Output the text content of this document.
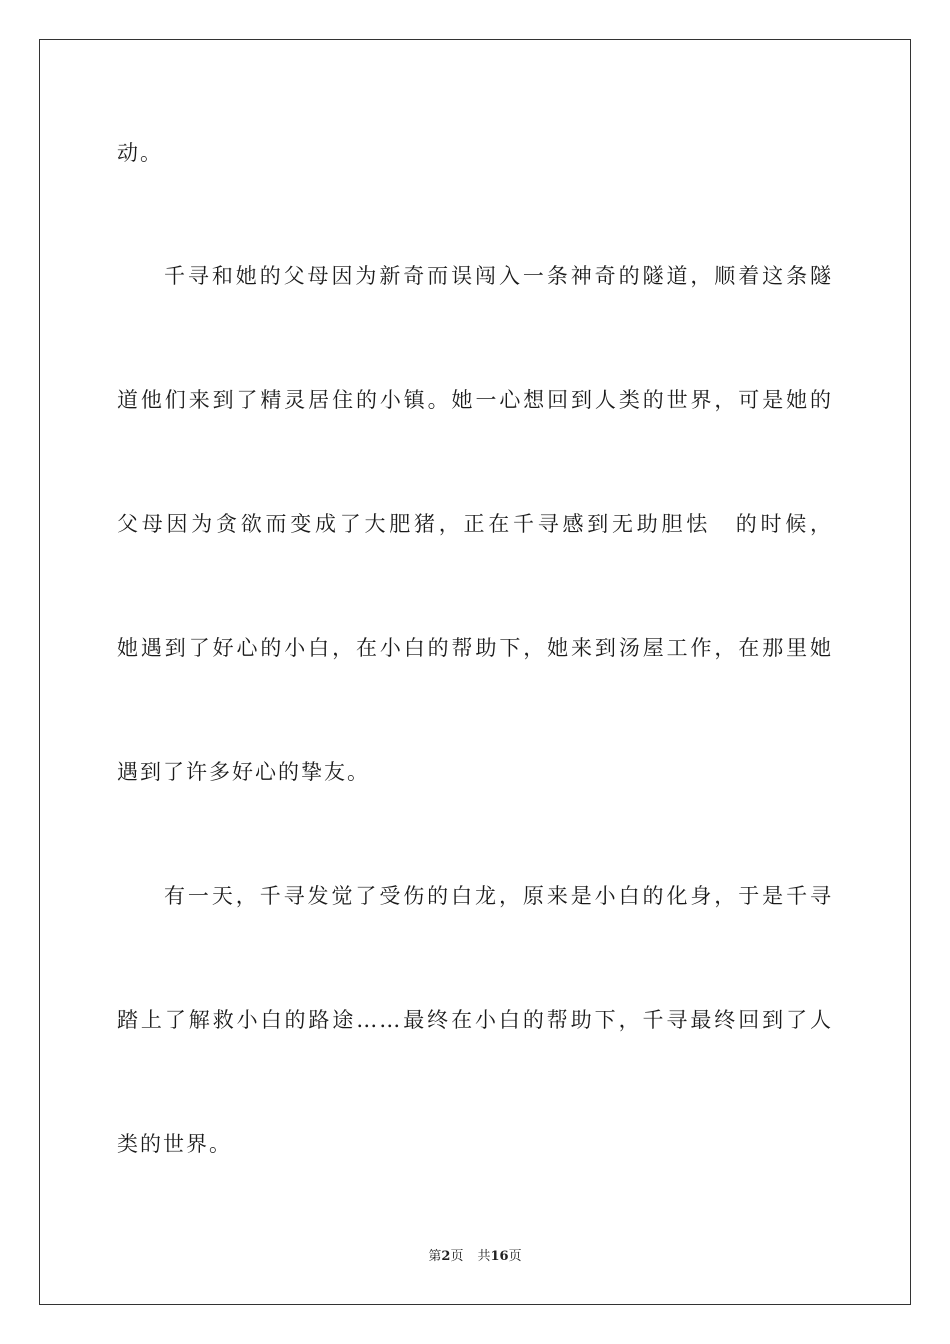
动。
千寻和她的父母因为新奇而误闯入一条神奇的隧道，顺着这条隧
道他们来到了精灵居住的小镇。她一心想回到人类的世界，可是她的
父母因为贪欲而变成了大肥猪，正在千寻感到无助胆怯　的时候，
她遇到了好心的小白，在小白的帮助下，她来到汤屋工作，在那里她
遇到了许多好心的挚友。
有一天，千寻发觉了受伤的白龙，原来是小白的化身，于是千寻
踏上了解救小白的路途……最终在小白的帮助下，千寻最终回到了人
类的世界。
第2页 共16页
